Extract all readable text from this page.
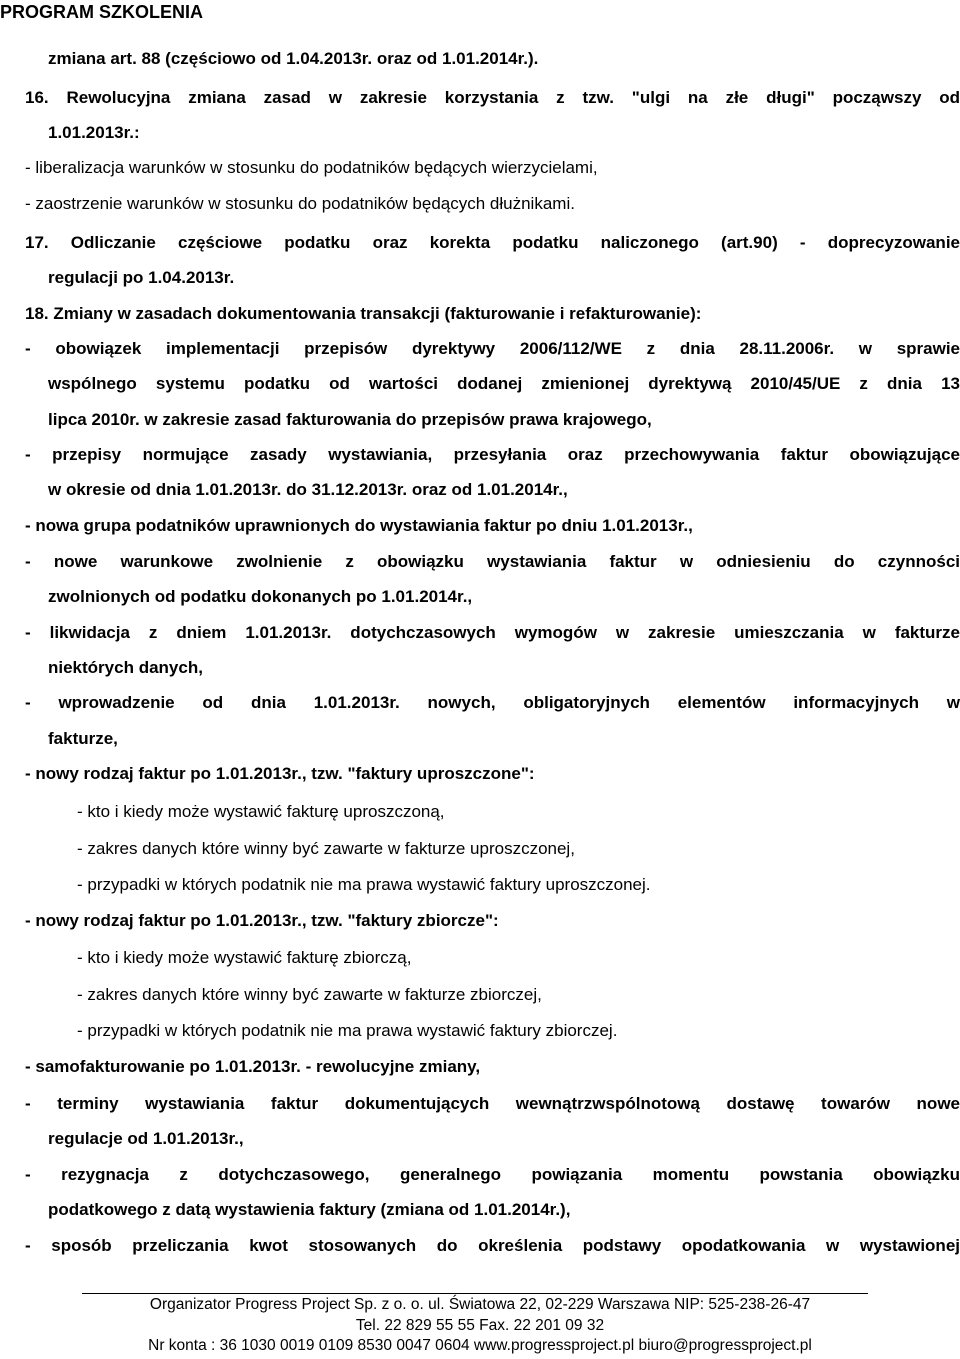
PROGRAM SZKOLENIA
zmiana art. 88 (częściowo od 1.04.2013r. oraz od 1.01.2014r.).
16. Rewolucyjna zmiana zasad w zakresie korzystania z tzw. "ulgi na złe długi" począwszy od
1.01.2013r.:
- liberalizacja warunków w stosunku do podatników będących wierzycielami,
- zaostrzenie warunków w stosunku do podatników będących dłużnikami.
17. Odliczanie częściowe podatku oraz korekta podatku naliczonego (art.90) - doprecyzowanie
regulacji po 1.04.2013r.
18. Zmiany w zasadach dokumentowania transakcji (fakturowanie i refakturowanie):
- obowiązek implementacji przepisów dyrektywy 2006/112/WE z dnia 28.11.2006r. w sprawie
wspólnego systemu podatku od wartości dodanej zmienionej dyrektywą 2010/45/UE z dnia 13
lipca 2010r. w zakresie zasad fakturowania do przepisów prawa krajowego,
- przepisy normujące zasady wystawiania, przesyłania oraz przechowywania faktur obowiązujące
w okresie od dnia 1.01.2013r. do 31.12.2013r. oraz od 1.01.2014r.,
- nowa grupa podatników uprawnionych do wystawiania faktur po dniu 1.01.2013r.,
- nowe warunkowe zwolnienie z obowiązku wystawiania faktur w odniesieniu do czynności
zwolnionych od podatku dokonanych po 1.01.2014r.,
- likwidacja z dniem 1.01.2013r. dotychczasowych wymogów w zakresie umieszczania w fakturze
niektórych danych,
- wprowadzenie od dnia 1.01.2013r. nowych, obligatoryjnych elementów informacyjnych w
fakturze,
- nowy rodzaj faktur po 1.01.2013r., tzw. "faktury uproszczone":
- kto i kiedy może wystawić fakturę uproszczoną,
- zakres danych które winny być zawarte w fakturze uproszczonej,
- przypadki w których podatnik nie ma prawa wystawić faktury uproszczonej.
- nowy rodzaj faktur po 1.01.2013r., tzw. "faktury zbiorcze":
- kto i kiedy może wystawić fakturę zbiorczą,
- zakres danych które winny być zawarte w fakturze zbiorczej,
- przypadki w których podatnik nie ma prawa wystawić faktury zbiorczej.
- samofakturowanie po 1.01.2013r. - rewolucyjne zmiany,
- terminy wystawiania faktur dokumentujących wewnątrzwspólnotową dostawę towarów nowe
regulacje od 1.01.2013r.,
- rezygnacja z dotychczasowego, generalnego powiązania momentu powstania obowiązku
podatkowego z datą wystawienia faktury (zmiana od 1.01.2014r.),
- sposób przeliczania kwot stosowanych do określenia podstawy opodatkowania w wystawionej
Organizator Progress Project Sp. z o. o. ul. Światowa 22, 02-229 Warszawa NIP: 525-238-26-47
Tel. 22 829 55 55 Fax. 22 201 09 32
Nr konta : 36 1030 0019 0109 8530 0047 0604 www.progressproject.pl biuro@progressproject.pl
